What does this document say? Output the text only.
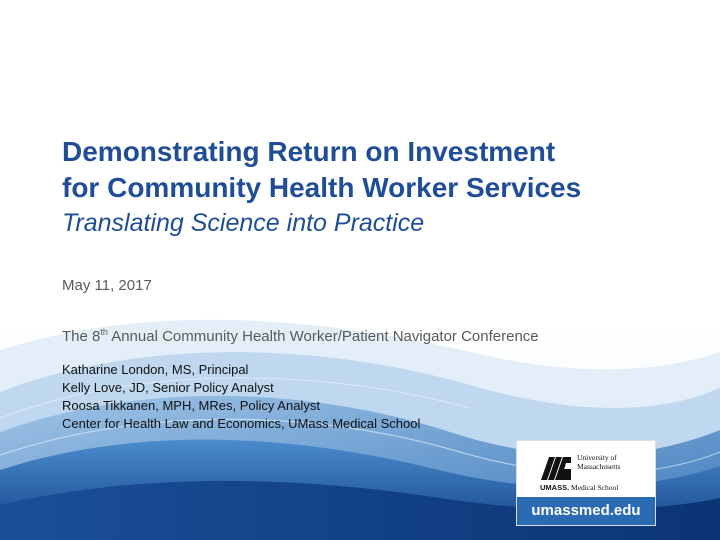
Demonstrating Return on Investment
for Community Health Worker Services
Translating Science into Practice
May 11, 2017
The 8th Annual Community Health Worker/Patient Navigator Conference
Katharine London, MS, Principal
Kelly Love, JD, Senior Policy Analyst
Roosa Tikkanen, MPH, MRes, Policy Analyst
Center for Health Law and Economics, UMass Medical School
University of
Massachusetts
UMASS. Medical School
umassmed.edu
